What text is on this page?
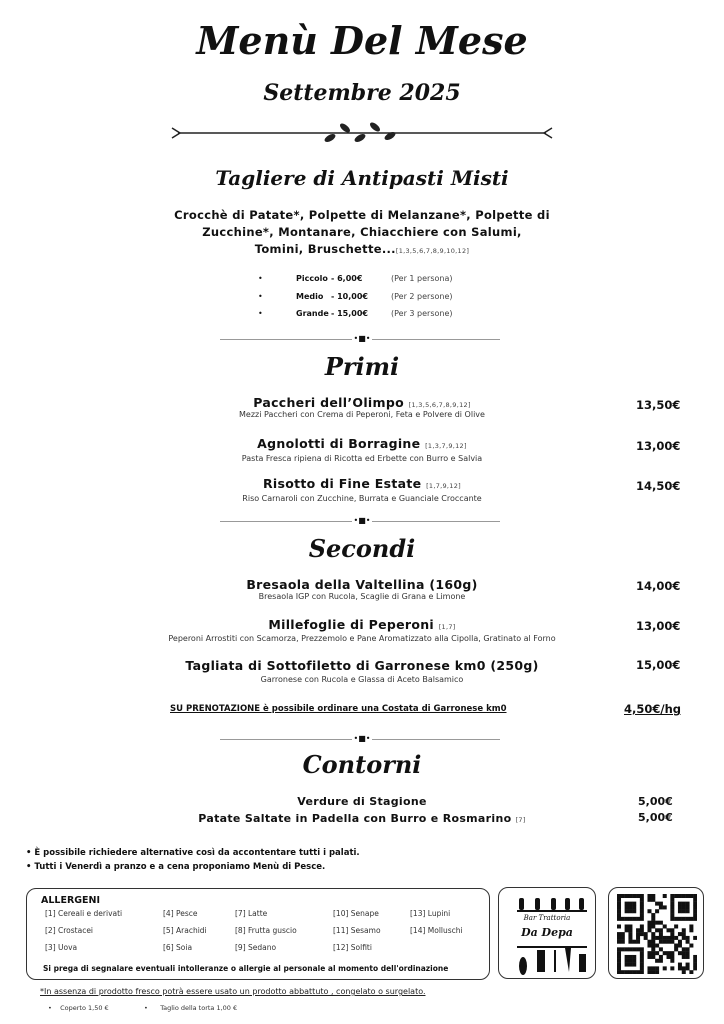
Menù Del Mese
Settembre 2025
Tagliere di Antipasti Misti
Crocchè di Patate*, Polpette di Melanzane*, Polpette di
Zucchine*, Montanare, Chiacchiere con Salumi,
Tomini, Bruschette...[1,3,5,6,7,8,9,10,12]
•	Piccolo - 6,00€	(Per 1 persona)
•	Medio - 10,00€	(Per 2 persone)
•	Grande - 15,00€	(Per 3 persone)
•■•
Primi
Paccheri dell’Olimpo [1,3,5,6,7,8,9,12]
Mezzi Paccheri con Crema di Peperoni, Feta e Polvere di Olive
13,50€
Agnolotti di Borragine [1,3,7,9,12]
Pasta Fresca ripiena di Ricotta ed Erbette con Burro e Salvia
13,00€
Risotto di Fine Estate [1,7,9,12]
Riso Carnaroli con Zucchine, Burrata e Guanciale Croccante
14,50€
•■•
Secondi
Bresaola della Valtellina (160g)
Bresaola IGP con Rucola, Scaglie di Grana e Limone
14,00€
Millefoglie di Peperoni [1,7]
Peperoni Arrostiti con Scamorza, Prezzemolo e Pane Aromatizzato alla Cipolla, Gratinato al Forno
13,00€
Tagliata di Sottofiletto di Garronese km0 (250g)
Garronese con Rucola e Glassa di Aceto Balsamico
15,00€
SU PRENOTAZIONE è possibile ordinare una Costata di Garronese km0	4,50€/hg
•■•
Contorni
Verdure di Stagione	5,00€
Patate Saltate in Padella con Burro e Rosmarino [7]	5,00€
• È possibile richiedere alternative così da accontentare tutti i palati.
• Tutti i Venerdì a pranzo e a cena proponiamo Menù di Pesce.
ALLERGENI
[1] Cereali e derivati
[2] Crostacei
[3] Uova
[4] Pesce
[5] Arachidi
[6] Soia
[7] Latte
[8] Frutta guscio
[9] Sedano
[10] Senape
[11] Sesamo
[12] Solfiti
[13] Lupini
[14] Molluschi
Si prega di segnalare eventuali intolleranze o allergie al personale al momento dell'ordinazione
Bar Trattoria
Da Depa
*In assenza di prodotto fresco potrà essere usato un prodotto abbattuto , congelato o surgelato.
•    Coperto 1,50 €	•      Taglio della torta 1,00 €
